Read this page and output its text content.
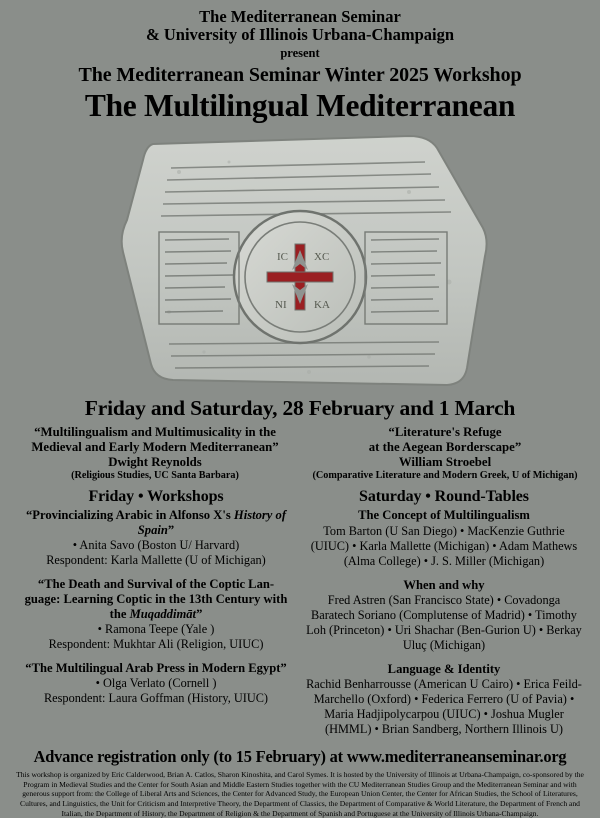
The Mediterranean Seminar
& University of Illinois Urbana-Champaign
present
The Mediterranean Seminar Winter 2025 Workshop
The Multilingual Mediterranean
IC XC
NI KA
Friday and Saturday, 28 February and 1 March
“Multilingualism and Multimusicality in the
Medieval and Early Modern Mediterranean”
Dwight Reynolds
(Religious Studies, UC Santa Barbara)
“Literature's Refuge
at the Aegean Borderscape”
William Stroebel
(Comparative Literature and Modern Greek, U of Michigan)
Friday • Workshops
“Provincializing Arabic in Alfonso X's History of
Spain”
• Anita Savo (Boston U/ Harvard)
Respondent: Karla Mallette (U of Michigan)
“The Death and Survival of the Coptic Lan-
guage: Learning Coptic in the 13th Century with
the Muqaddimāt”
• Ramona Teepe (Yale )
Respondent: Mukhtar Ali (Religion, UIUC)
“The Multilingual Arab Press in Modern Egypt”
• Olga Verlato (Cornell )
Respondent: Laura Goffman (History, UIUC)
Saturday • Round-Tables
The Concept of Multilingualism
Tom Barton (U San Diego) • MacKenzie Guthrie (UIUC) • Karla Mallette (Michigan) • Adam Mathews (Alma College) • J. S. Miller (Michigan)
When and why
Fred Astren (San Francisco State) • Covadonga Baratech Soriano (Complutense of Madrid) • Timothy Loh (Princeton) • Uri Shachar (Ben-Gurion U) • Berkay Uluç (Michigan)
Language & Identity
Rachid Benharrousse (American U Cairo) • Erica Feild-Marchello (Oxford) • Federica Ferrero (U of Pavia) • Maria Hadjipolycarpou (UIUC) • Joshua Mugler (HMML) • Brian Sandberg, Northern Illinois U)
Advance registration only (to 15 February) at www.mediterraneanseminar.org
This workshop is organized by Eric Calderwood, Brian A. Catlos, Sharon Kinoshita, and Carol Symes. It is hosted by the University of Illinois at Urbana-Champaign, co-sponsored by the Program in Medieval Studies and the Center for South Asian and Middle Eastern Studies together with the CU Mediterranean Studies Group and the Mediterranean Seminar and with generous support from: the College of Liberal Arts and Sciences, the Center for Advanced Study, the European Union Center, the Center for African Studies, the School of Literatures, Cultures, and Linguistics, the Unit for Criticism and Interpretive Theory, the Department of Classics, the Department of Comparative & World Literature, the Department of French and Italian, the Department of History, the Department of Religion & the Department of Spanish and Portuguese at the University of Illinois Urbana-Champaign.
